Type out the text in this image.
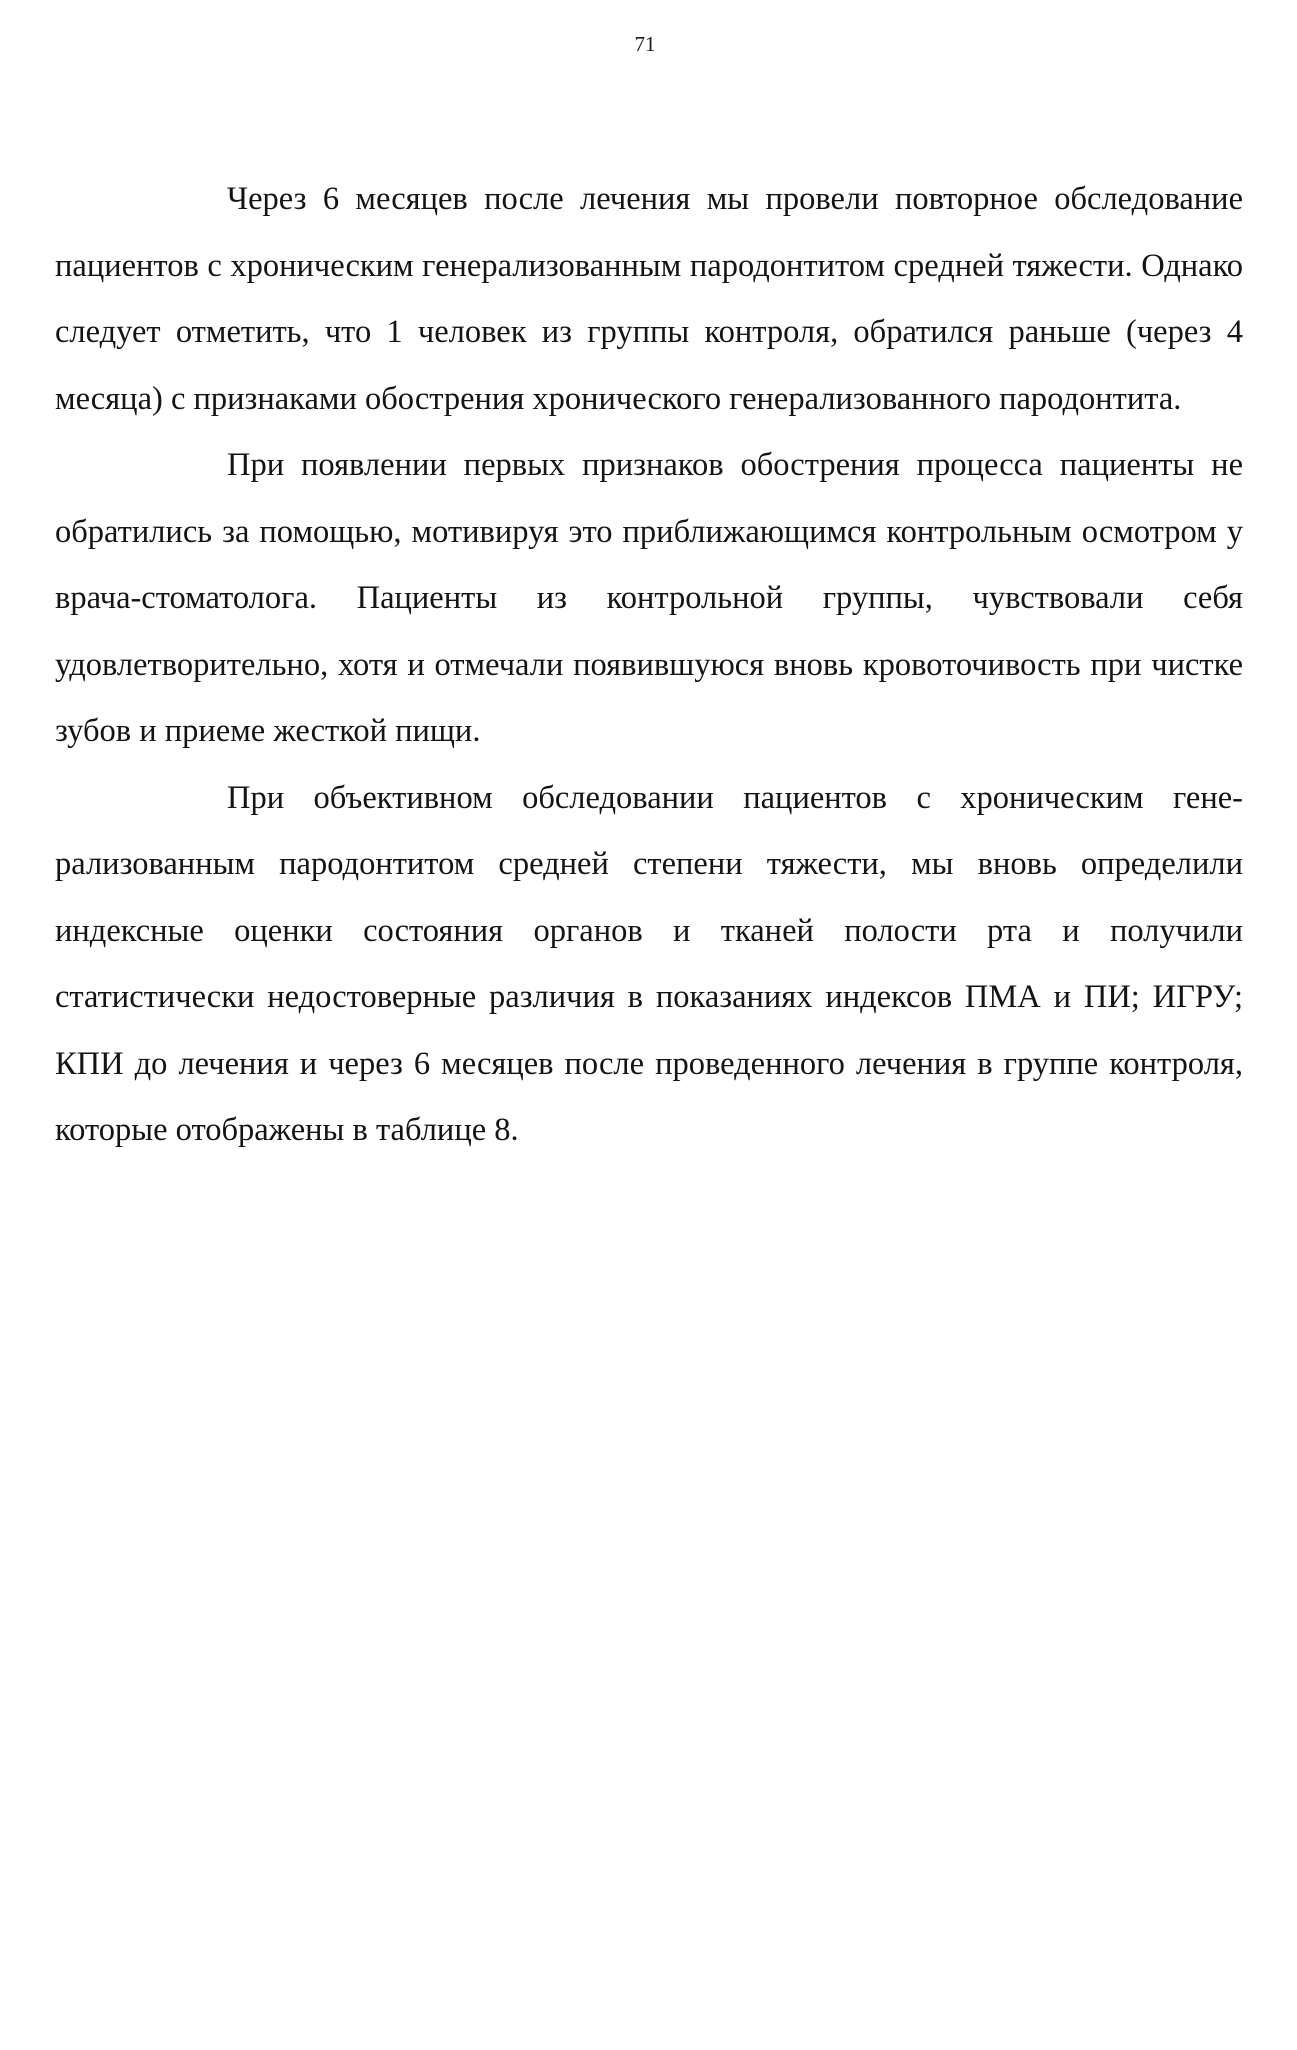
71

Через 6 месяцев после лечения мы провели повторное обследование пациентов с хроническим генерализованным пародонтитом средней тяжести. Однако следует отметить, что 1 человек из группы контроля, обратился раньше (через 4 месяца) с признаками обострения хронического генерализованного пародонтита.

При появлении первых признаков обострения процесса пациенты не обратились за помощью, мотивируя это приближающимся контрольным осмотром у врача-стоматолога. Пациенты из контрольной группы, чувствовали себя удовлетворительно, хотя и отмечали появившуюся вновь кровоточивость при чистке зубов и приеме жесткой пищи.

При объективном обследовании пациентов с хроническим генерализованным пародонтитом средней степени тяжести, мы вновь определили индексные оценки состояния органов и тканей полости рта и получили статистически недостоверные различия в показаниях индексов ПМА и ПИ; ИГРУ; КПИ до лечения и через 6 месяцев после проведенного лечения в группе контроля, которые отображены в таблице 8.
